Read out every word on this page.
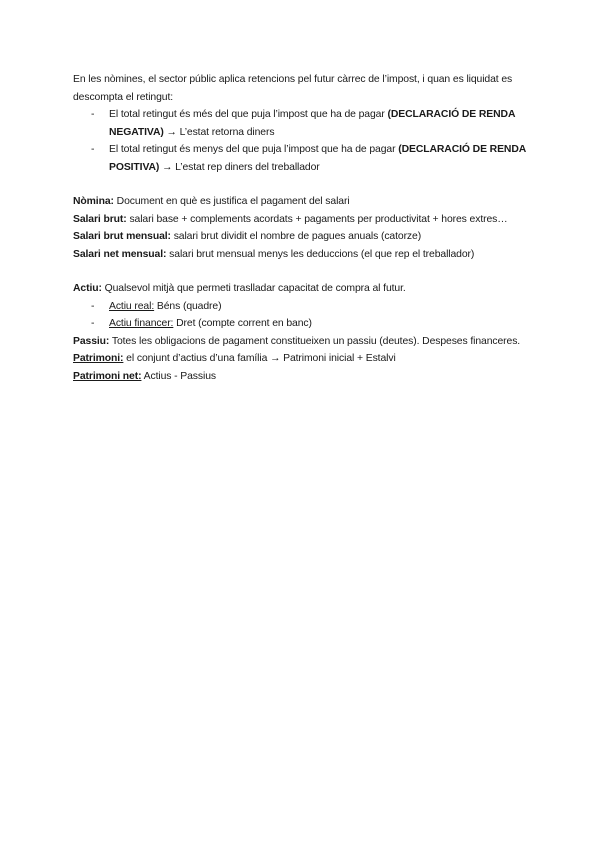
En les nòmines, el sector públic aplica retencions pel futur càrrec de l’impost, i quan es liquidat es descompta el retingut:

- El total retingut és més del que puja l’impost que ha de pagar (DECLARACIÓ DE RENDA NEGATIVA) → L’estat retorna diners
- El total retingut és menys del que puja l’impost que ha de pagar (DECLARACIÓ DE RENDA POSITIVA) → L’estat rep diners del treballador

Nòmina: Document en què es justifica el pagament del salari

Salari brut: salari base + complements acordats + pagaments per productivitat + hores extres…

Salari brut mensual: salari brut dividit el nombre de pagues anuals (catorze)

Salari net mensual: salari brut mensual menys les deduccions (el que rep el treballador)

Actiu: Qualsevol mitjà que permeti traslladar capacitat de compra al futur.

- Actiu real: Béns (quadre)
- Actiu financer: Dret (compte corrent en banc)

Passiu: Totes les obligacions de pagament constitueixen un passiu (deutes). Despeses financeres.

Patrimoni: el conjunt d’actius d’una família → Patrimoni inicial + Estalvi

Patrimoni net: Actius - Passius
